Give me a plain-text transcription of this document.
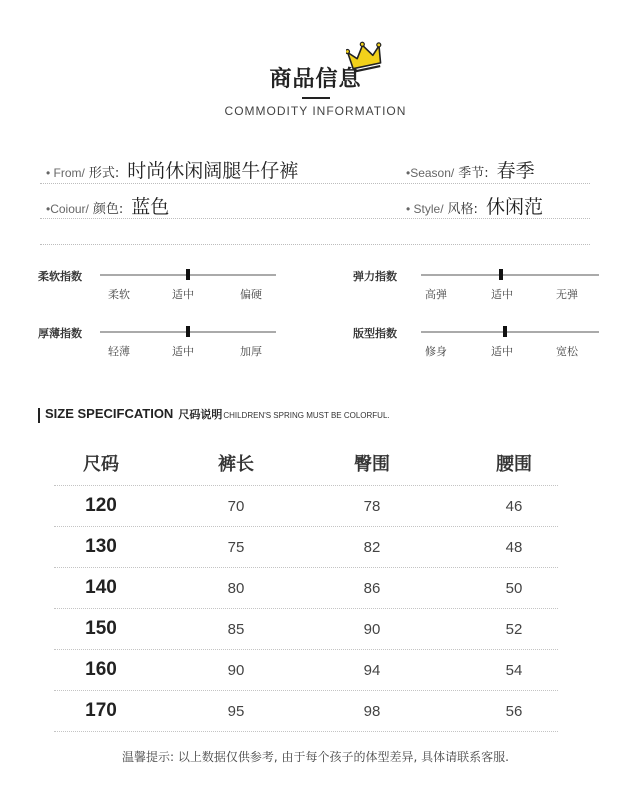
商品信息
COMMODITY INFORMATION
• From/ 形式: 时尚休闲阔腿牛仔裤	•Season/ 季节: 春季
•Coiour/ 颜色: 蓝色	• Style/ 风格: 休闲范
柔软指数
柔软	适中	偏硬
弹力指数
高弹	适中	无弹
厚薄指数
轻薄	适中	加厚
版型指数
修身	适中	宽松
SIZE SPECIFCATION 尺码说明 CHILDREN'S SPRING MUST BE COLORFUL.
尺码	裤长	臀围	腰围
120	70	78	46
130	75	82	48
140	80	86	50
150	85	90	52
160	90	94	54
170	95	98	56
温馨提示: 以上数据仅供参考, 由于每个孩子的体型差异, 具体请联系客服.
